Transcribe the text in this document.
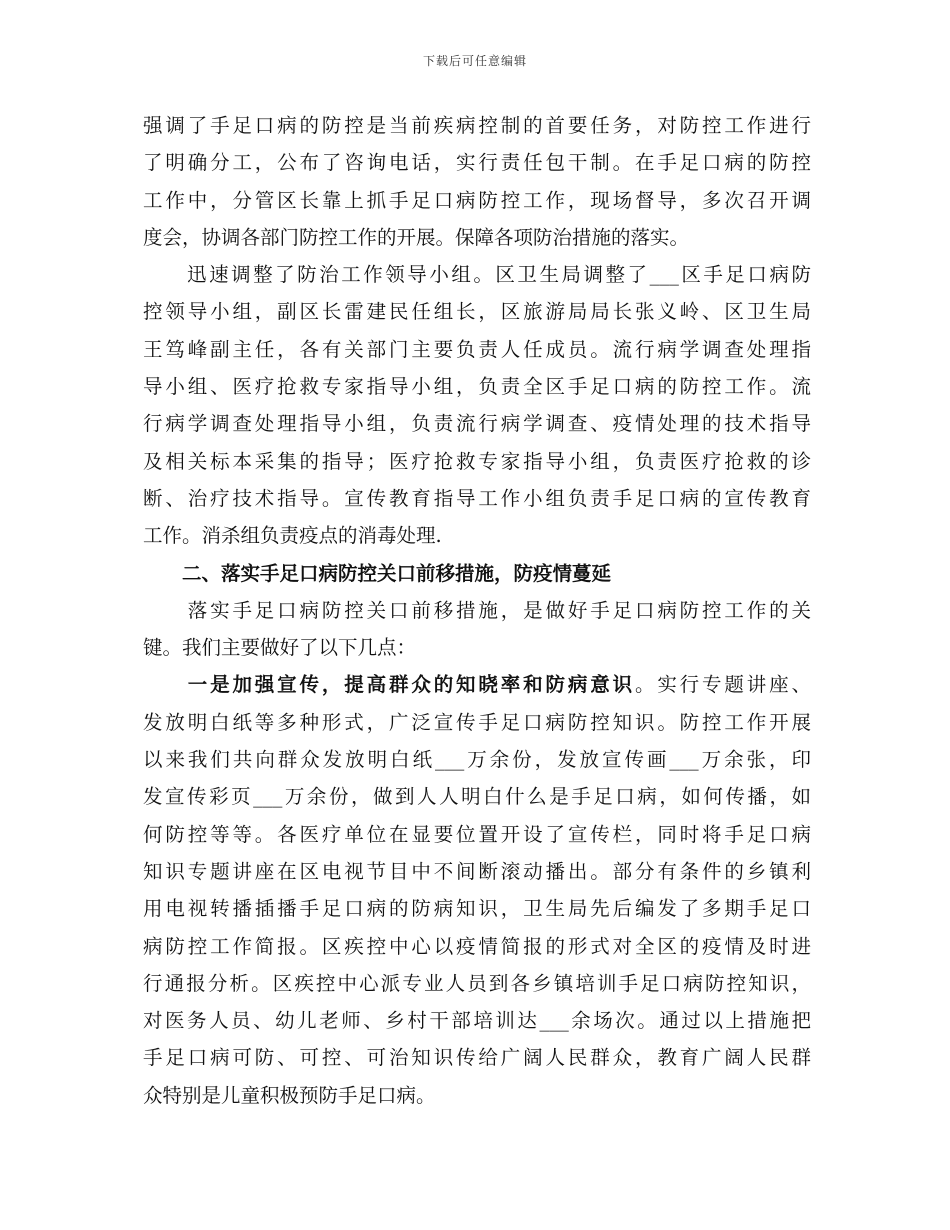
下载后可任意编辑
强调了手足口病的防控是当前疾病控制的首要任务，对防控工作进行
了明确分工，公布了咨询电话，实行责任包干制。在手足口病的防控
工作中，分管区长靠上抓手足口病防控工作，现场督导，多次召开调
度会，协调各部门防控工作的开展。保障各项防治措施的落实。
　　迅速调整了防治工作领导小组。区卫生局调整了___区手足口病防
控领导小组，副区长雷建民任组长，区旅游局局长张义岭、区卫生局
王笃峰副主任，各有关部门主要负责人任成员。流行病学调查处理指
导小组、医疗抢救专家指导小组，负责全区手足口病的防控工作。流
行病学调查处理指导小组，负责流行病学调查、疫情处理的技术指导
及相关标本采集的指导；医疗抢救专家指导小组，负责医疗抢救的诊
断、治疗技术指导。宣传教育指导工作小组负责手足口病的宣传教育
工作。消杀组负责疫点的消毒处理.
　　二、落实手足口病防控关口前移措施，防疫情蔓延
　　落实手足口病防控关口前移措施，是做好手足口病防控工作的关
键。我们主要做好了以下几点：
　　一是加强宣传，提高群众的知晓率和防病意识。实行专题讲座、
发放明白纸等多种形式，广泛宣传手足口病防控知识。防控工作开展
以来我们共向群众发放明白纸___万余份，发放宣传画___万余张，印
发宣传彩页___万余份，做到人人明白什么是手足口病，如何传播，如
何防控等等。各医疗单位在显要位置开设了宣传栏，同时将手足口病
知识专题讲座在区电视节目中不间断滚动播出。部分有条件的乡镇利
用电视转播插播手足口病的防病知识，卫生局先后编发了多期手足口
病防控工作简报。区疾控中心以疫情简报的形式对全区的疫情及时进
行通报分析。区疾控中心派专业人员到各乡镇培训手足口病防控知识，
对医务人员、幼儿老师、乡村干部培训达___余场次。通过以上措施把
手足口病可防、可控、可治知识传给广阔人民群众，教育广阔人民群
众特别是儿童积极预防手足口病。
